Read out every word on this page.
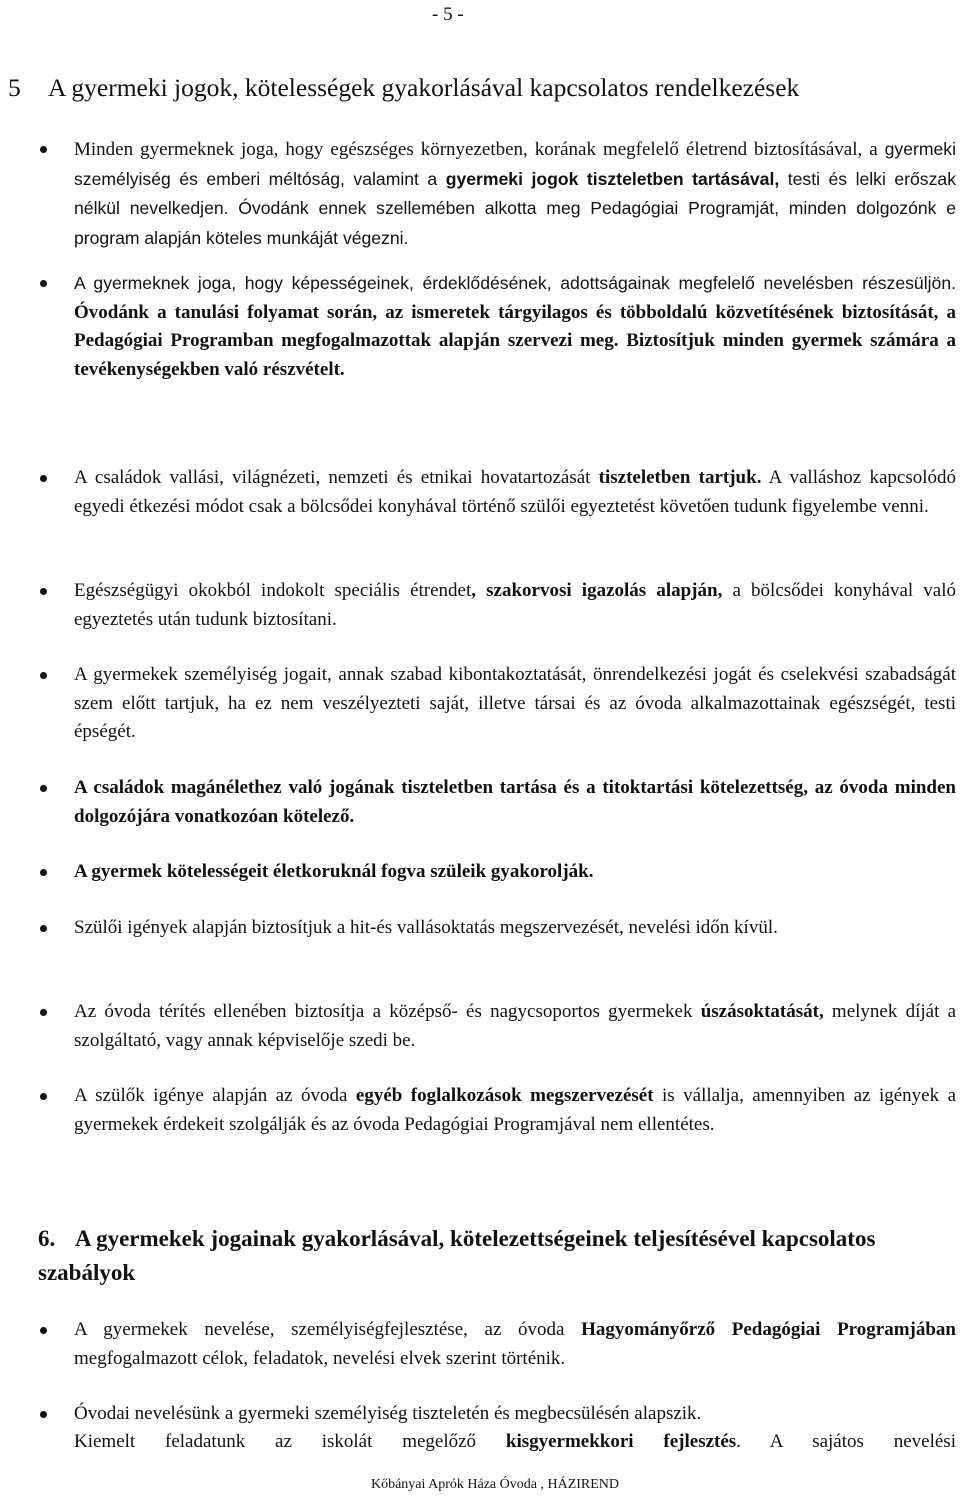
- 5 -
5 A gyermeki jogok, kötelességek gyakorlásával kapcsolatos rendelkezések
Minden gyermeknek joga, hogy egészséges környezetben, korának megfelelő életrend biztosításával, a gyermeki személyiség és emberi méltóság, valamint a gyermeki jogok tiszteletben tartásával, testi és lelki erőszak nélkül nevelkedjen. Óvodánk ennek szellemében alkotta meg Pedagógiai Programját, minden dolgozónk e program alapján köteles munkáját végezni.
A gyermeknek joga, hogy képességeinek, érdeklődésének, adottságainak megfelelő nevelésben részesüljön. Óvodánk a tanulási folyamat során, az ismeretek tárgyilagos és többoldalú közvetítésének biztosítását, a Pedagógiai Programban megfogalmazottak alapján szervezi meg. Biztosítjuk minden gyermek számára a tevékenységekben való részvételt.
A családok vallási, világnézeti, nemzeti és etnikai hovatartozását tiszteletben tartjuk. A valláshoz kapcsolódó egyedi étkezési módot csak a bölcsődei konyhával történő szülői egyeztetést követően tudunk figyelembe venni.
Egészségügyi okokból indokolt speciális étrendet, szakorvosi igazolás alapján, a bölcsődei konyhával való egyeztetés után tudunk biztosítani.
A gyermekek személyiség jogait, annak szabad kibontakoztatását, önrendelkezési jogát és cselekvési szabadságát szem előtt tartjuk, ha ez nem veszélyezteti saját, illetve társai és az óvoda alkalmazottainak egészségét, testi épségét.
A családok magánélethez való jogának tiszteletben tartása és a titoktartási kötelezettség, az óvoda minden dolgozójára vonatkozóan kötelező.
A gyermek kötelességeit életkoruknál fogva szüleik gyakorolják.
Szülői igények alapján biztosítjuk a hit-és vallásoktatás megszervezését, nevelési időn kívül.
Az óvoda térítés ellenében biztosítja a középső- és nagycsoportos gyermekek úszásoktatását, melynek díját a szolgáltató, vagy annak képviselője szedi be.
A szülők igénye alapján az óvoda egyéb foglalkozások megszervezését is vállalja, amennyiben az igények a gyermekek érdekeit szolgálják és az óvoda Pedagógiai Programjával nem ellentétes.
6. A gyermekek jogainak gyakorlásával, kötelezettségeinek teljesítésével kapcsolatos szabályok
A gyermekek nevelése, személyiségfejlesztése, az óvoda Hagyományőrző Pedagógiai Programjában megfogalmazott célok, feladatok, nevelési elvek szerint történik.
Óvodai nevelésünk a gyermeki személyiség tiszteletén és megbecsülésén alapszik.
Kiemelt feladatunk az iskolát megelőző kisgyermekkori fejlesztés. A sajátos nevelési
Kőbányai Aprók Háza Óvoda , HÁZIREND
